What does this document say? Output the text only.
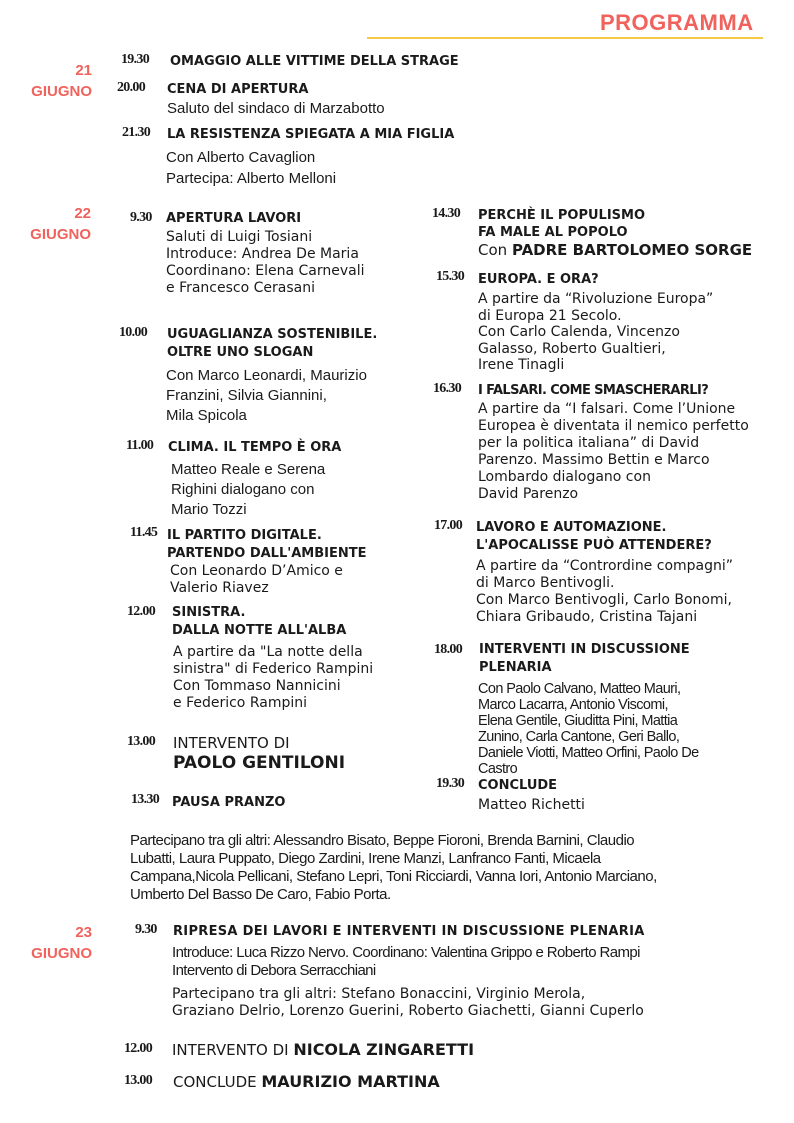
PROGRAMMA
21
GIUGNO
22
GIUGNO
23
GIUGNO
19.30 OMAGGIO ALLE VITTIME DELLA STRAGE
20.00 CENA DI APERTURA
Saluto del sindaco di Marzabotto
21.30 LA RESISTENZA SPIEGATA A MIA FIGLIA
Con Alberto Cavaglion
Partecipa: Alberto Melloni
9.30 APERTURA LAVORI
Saluti di Luigi Tosiani
Introduce: Andrea De Maria
Coordinano: Elena Carnevali
e Francesco Cerasani
10.00 UGUAGLIANZA SOSTENIBILE.
OLTRE UNO SLOGAN
Con Marco Leonardi, Maurizio
Franzini, Silvia Giannini,
Mila Spicola
11.00 CLIMA. IL TEMPO È ORA
Matteo Reale e Serena
Righini dialogano con
Mario Tozzi
11.45 IL PARTITO DIGITALE.
PARTENDO DALL'AMBIENTE
Con Leonardo D’Amico e
Valerio Riavez
12.00 SINISTRA.
DALLA NOTTE ALL'ALBA
A partire da "La notte della
sinistra" di Federico Rampini
Con Tommaso Nannicini
e Federico Rampini
13.00 INTERVENTO DI
PAOLO GENTILONI
13.30 PAUSA PRANZO
14.30 PERCHÈ IL POPULISMO
FA MALE AL POPOLO
Con PADRE BARTOLOMEO SORGE
15.30 EUROPA. E ORA?
A partire da “Rivoluzione Europa”
di Europa 21 Secolo.
Con Carlo Calenda, Vincenzo
Galasso, Roberto Gualtieri,
Irene Tinagli
16.30 I FALSARI. COME SMASCHERARLI?
A partire da “I falsari. Come l’Unione
Europea è diventata il nemico perfetto
per la politica italiana” di David
Parenzo. Massimo Bettin e Marco
Lombardo dialogano con
David Parenzo
17.00 LAVORO E AUTOMAZIONE.
L'APOCALISSE PUÒ ATTENDERE?
A partire da “Contrordine compagni”
di Marco Bentivogli.
Con Marco Bentivogli, Carlo Bonomi,
Chiara Gribaudo, Cristina Tajani
18.00 INTERVENTI IN DISCUSSIONE
PLENARIA
Con Paolo Calvano, Matteo Mauri,
Marco Lacarra, Antonio Viscomi,
Elena Gentile, Giuditta Pini, Mattia
Zunino, Carla Cantone, Geri Ballo,
Daniele Viotti, Matteo Orfini, Paolo De
Castro
19.30 CONCLUDE
Matteo Richetti
Partecipano tra gli altri: Alessandro Bisato, Beppe Fioroni, Brenda Barnini, Claudio
Lubatti, Laura Puppato, Diego Zardini, Irene Manzi, Lanfranco Fanti, Micaela
Campana,Nicola Pellicani, Stefano Lepri, Toni Ricciardi, Vanna Iori, Antonio Marciano,
Umberto Del Basso De Caro, Fabio Porta.
9.30 RIPRESA DEI LAVORI E INTERVENTI IN DISCUSSIONE PLENARIA
Introduce: Luca Rizzo Nervo. Coordinano: Valentina Grippo e Roberto Rampi
Intervento di Debora Serracchiani
Partecipano tra gli altri: Stefano Bonaccini, Virginio Merola,
Graziano Delrio, Lorenzo Guerini, Roberto Giachetti, Gianni Cuperlo
12.00 INTERVENTO DI NICOLA ZINGARETTI
13.00 CONCLUDE MAURIZIO MARTINA
